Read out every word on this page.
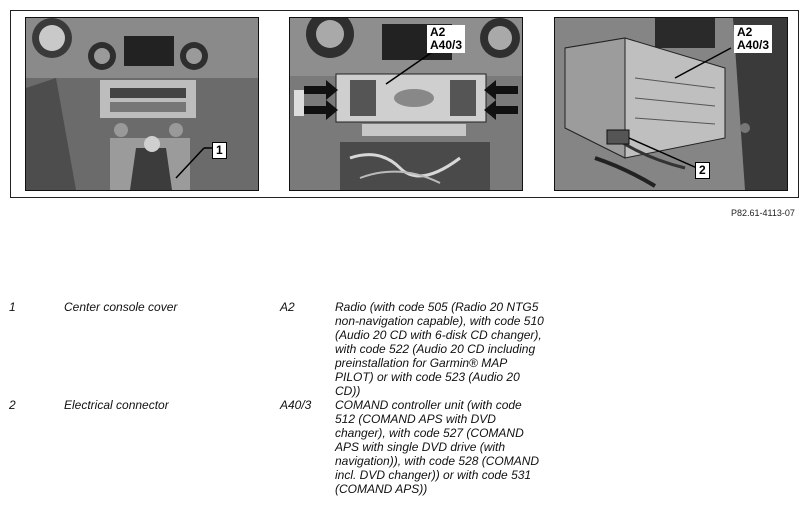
1
A2
A40/3
A2
A40/3
2
P82.61-4113-07
1	Center console cover	A2	Radio (with code 505 (Radio 20 NTG5 non-navigation capable), with code 510 (Audio 20 CD with 6-disk CD changer), with code 522 (Audio 20 CD including preinstallation for Garmin® MAP PILOT) or with code 523 (Audio 20 CD))
2	Electrical connector	A40/3 COMAND controller unit (with code 512 (COMAND APS with DVD changer), with code 527 (COMAND APS with single DVD drive (with navigation)), with code 528 (COMAND incl. DVD changer)) or with code 531 (COMAND APS))
